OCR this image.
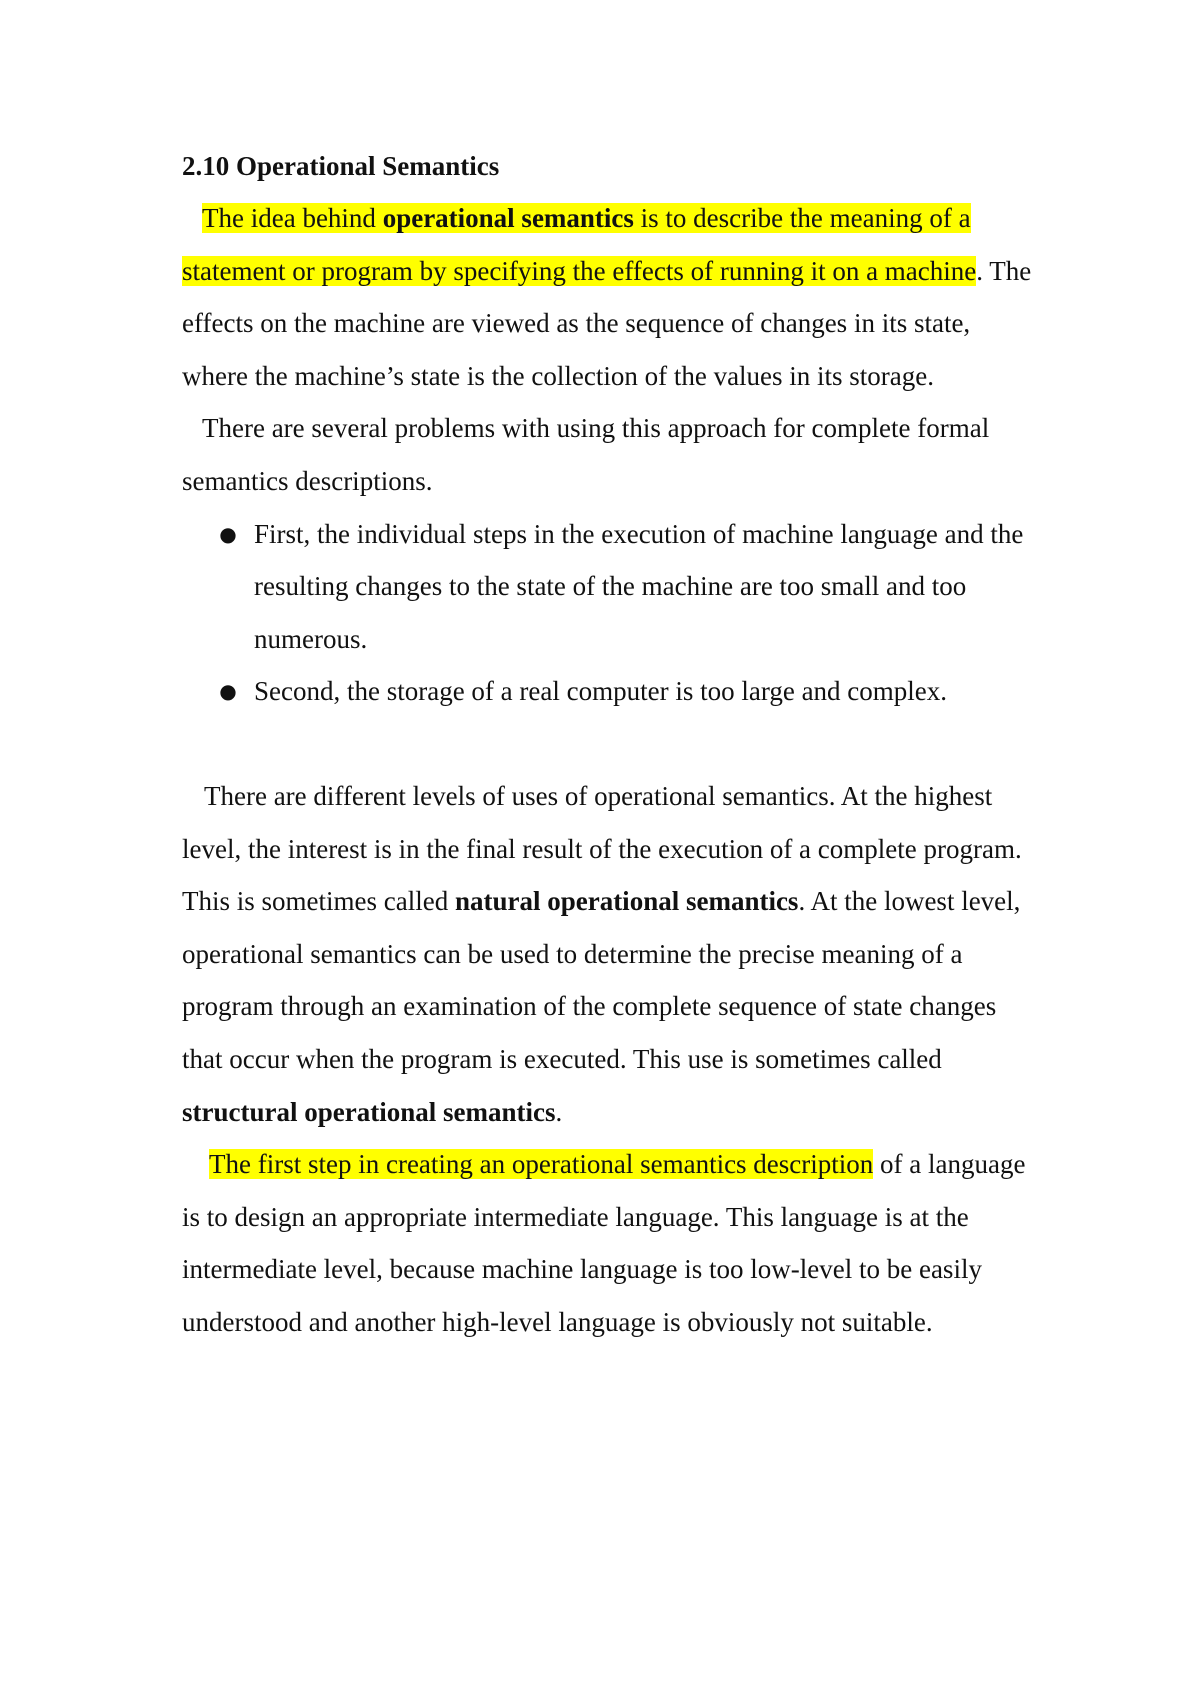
2.10 Operational Semantics

The idea behind operational semantics is to describe the meaning of a statement or program by specifying the effects of running it on a machine. The effects on the machine are viewed as the sequence of changes in its state, where the machine’s state is the collection of the values in its storage.

There are several problems with using this approach for complete formal semantics descriptions.

● First, the individual steps in the execution of machine language and the resulting changes to the state of the machine are too small and too numerous.
● Second, the storage of a real computer is too large and complex.

There are different levels of uses of operational semantics. At the highest level, the interest is in the final result of the execution of a complete program. This is sometimes called natural operational semantics. At the lowest level, operational semantics can be used to determine the precise meaning of a program through an examination of the complete sequence of state changes that occur when the program is executed. This use is sometimes called structural operational semantics.

The first step in creating an operational semantics description of a language is to design an appropriate intermediate language. This language is at the intermediate level, because machine language is too low-level to be easily understood and another high-level language is obviously not suitable.
